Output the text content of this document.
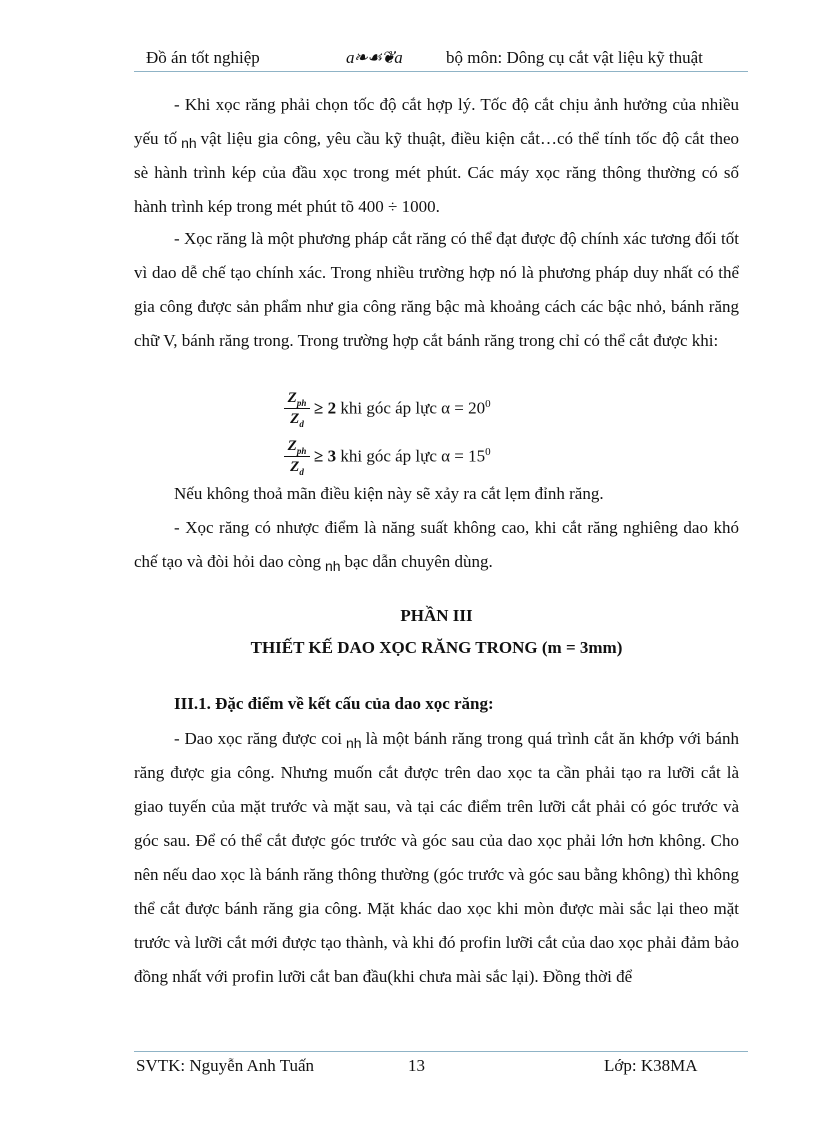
Đồ án tốt nghiệp	a❧☙❦a	bộ môn: Dông cụ cắt vật liệu kỹ thuật
- Khi xọc răng phải chọn tốc độ cắt hợp lý. Tốc độ cắt chịu ảnh hưởng của nhiều yếu tố $_{nh}$ vật liệu gia công, yêu cầu kỹ thuật, điều kiện cắt…có thể tính tốc độ cắt theo sè hành trình kép của đầu xọc trong mét phút. Các máy xọc răng thông thường có số hành trình kép trong mét phút tõ 400 ÷ 1000.
- Xọc răng là một phương pháp cắt răng có thể đạt được độ chính xác tương đối tốt vì dao dễ chế tạo chính xác. Trong nhiều trường hợp nó là phương pháp duy nhất có thể gia công được sản phẩm như gia công răng bậc mà khoảng cách các bậc nhỏ, bánh răng chữ V, bánh răng trong. Trong trường hợp cắt bánh răng trong chỉ có thể cắt được khi:
$Z_{ph}$
$Z_d$
≥ 2 khi góc áp lực $\alpha = 20^0$
$Z_{ph}$
$Z_d$
≥ 3 khi góc áp lực $\alpha = 15^0$
Nếu không thoả mãn điều kiện này sẽ xảy ra cắt lẹm đỉnh răng.
- Xọc răng có nhược điểm là năng suất không cao, khi cắt răng nghiêng dao khó chế tạo và đòi hỏi dao còng $_{nh}$ bạc dẫn chuyên dùng.
PHẦN III
THIẾT KẾ DAO XỌC RĂNG TRONG (m = 3mm)
III.1. Đặc điểm về kết cấu của dao xọc răng:
- Dao xọc răng được coi $_{nh}$ là một bánh răng trong quá trình cắt ăn khớp với bánh răng được gia công. Nhưng muốn cắt được trên dao xọc ta cần phải tạo ra lưỡi cắt là giao tuyến của mặt trước và mặt sau, và tại các điểm trên lưỡi cắt phải có góc trước và góc sau. Để có thể cắt được góc trước và góc sau của dao xọc phải lớn hơn không. Cho nên nếu dao xọc là bánh răng thông thường (góc trước và góc sau bằng không) thì không thể cắt được bánh răng gia công. Mặt khác dao xọc khi mòn được mài sắc lại theo mặt trước và lưỡi cắt mới được tạo thành, và khi đó profin lưỡi cắt của dao xọc phải đảm bảo đồng nhất với profin lưỡi cắt ban đầu(khi chưa mài sắc lại). Đồng thời để
SVTK: Nguyễn Anh Tuấn	13	Lớp: K38MA
